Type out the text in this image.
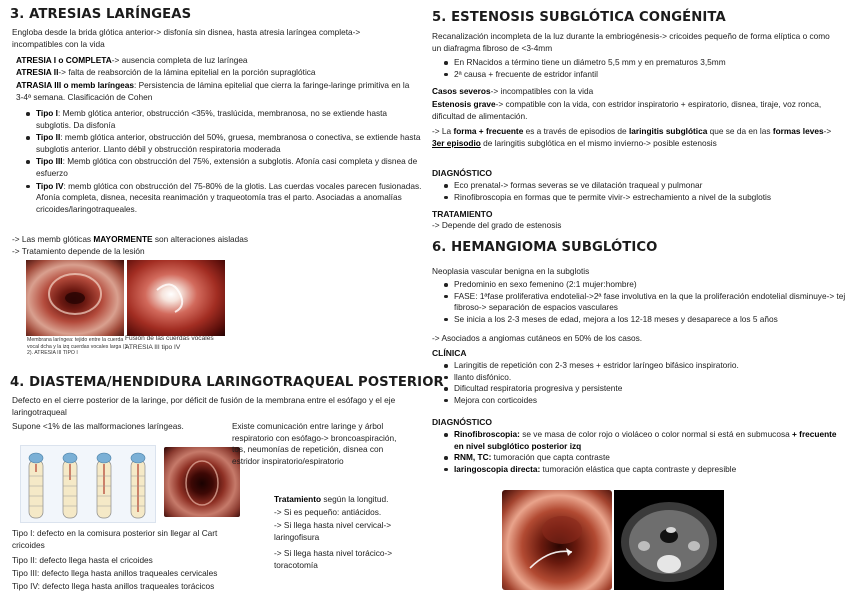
3. ATRESIAS LARÍNGEAS

Engloba desde la brida glótica anterior-> disfonía sin disnea, hasta atresia laríngea completa-> incompatibles con la vida

ATRESIA I o COMPLETA-> ausencia completa de luz laríngea

ATRESIA II-> falta de reabsorción de la lámina epitelial en la porción supraglótica

ATRASIA III o memb laríngeas: Persistencia de lámina epitelial que cierra la faringe-laringe primitiva en la 3-4ª semana. Clasificación de Cohen

Tipo I: Memb glótica anterior, obstrucción <35%, traslúcida, membranosa, no se extiende hasta subglotis. Da disfonía
Tipo II: memb glótica anterior, obstrucción del 50%, gruesa, membranosa o conectiva, se extiende hasta subglotis anterior. Llanto débil y obstrucción respiratoria moderada
Tipo III: Memb glótica con obstrucción del 75%, extensión a subglotis. Afonía casi completa y disnea de esfuerzo
Tipo IV: memb glótica con obstrucción del 75-80% de la glotis. Las cuerdas vocales parecen fusionadas. Afonía completa, disnea, necesita reanimación y traqueotomía tras el parto. Asociadas a anomalías cricoides/laringotraqueales.

-> Las memb glóticas MAYORMENTE son alteraciones aisladas

-> Tratamiento depende de la lesión

Membrana laríngea: tejido entre la cuerda vocal dcha y la izq cuerdas vocales larga (1-2). ATRESIA III TIPO I

Fusión de las cuerdas vocales ATRESIA III tipo IV

4. DIASTEMA/HENDIDURA LARINGOTRAQUEAL POSTERIOR

Defecto en el cierre posterior de la laringe, por déficit de fusión de la membrana entre el esófago y el eje laringotraqueal

Supone <1% de las malformaciones laríngeas.	Existe comunicación entre laringe y árbol respiratorio con esófago-> broncoaspiración, tos, neumonías de repetición, disnea con estridor inspiratorio/espiratorio

Tratamiento según la longitud.

-> Si es pequeño: antiácidos.

-> Si llega hasta nivel cervical-> laringofisura

-> Si llega hasta nivel torácico-> toracotomía

Tipo I: defecto en la comisura posterior sin llegar al Cart cricoides

Tipo II: defecto llega hasta el cricoides

Tipo III: defecto llega hasta anillos traqueales cervicales

Tipo IV: defecto llega hasta anillos traqueales torácicos

5. ESTENOSIS SUBGLÓTICA CONGÉNITA

Recanalización incompleta de la luz durante la embriogénesis-> cricoides pequeño de forma elíptica o como un diafragma fibroso de <3-4mm

En RNacidos a término tiene un diámetro 5,5 mm y en prematuros 3,5mm
2ª causa + frecuente de estridor infantil

Casos severos-> incompatibles con la vida

Estenosis grave-> compatible con la vida, con estridor inspiratorio + espiratorio, disnea, tiraje, voz ronca, dificultad de alimentación.

-> La forma + frecuente es a través de episodios de laringitis subglótica que se da en las formas leves-> 3er episodio de laringitis subglótica en el mismo invierno-> posible estenosis

DIAGNÓSTICO
Eco prenatal-> formas severas se ve dilatación traqueal y pulmonar
Rinofibroscopia en formas que te permite vivir-> estrechamiento a nivel de la subglotis
TRATAMIENTO

-> Depende del grado de estenosis

6. HEMANGIOMA SUBGLÓTICO

Neoplasia vascular benigna en la subglotis

Predominio en sexo femenino (2:1 mujer:hombre)
FASE: 1ªfase proliferativa endotelial->2ª fase involutiva en la que la proliferación endotelial disminuye-> tej fibroso-> separación de espacios vasculares
Se inicia a los 2-3 meses de edad, mejora a los 12-18 meses y desaparece a los 5 años

-> Asociados a angiomas cutáneos en 50% de los casos.

CLÍNICA
Laringitis de repetición con 2-3 meses + estridor laríngeo bifásico inspiratorio.
llanto disfónico.
Dificultad respiratoria progresiva y persistente
Mejora con corticoides
DIAGNÓSTICO
Rinofibroscopia: se ve masa de color rojo o violáceo o color normal si está en submucosa + frecuente en nivel subglótico posterior izq
RNM, TC: tumoración que capta contraste
laringoscopia directa: tumoración elástica que capta contraste y depresible
